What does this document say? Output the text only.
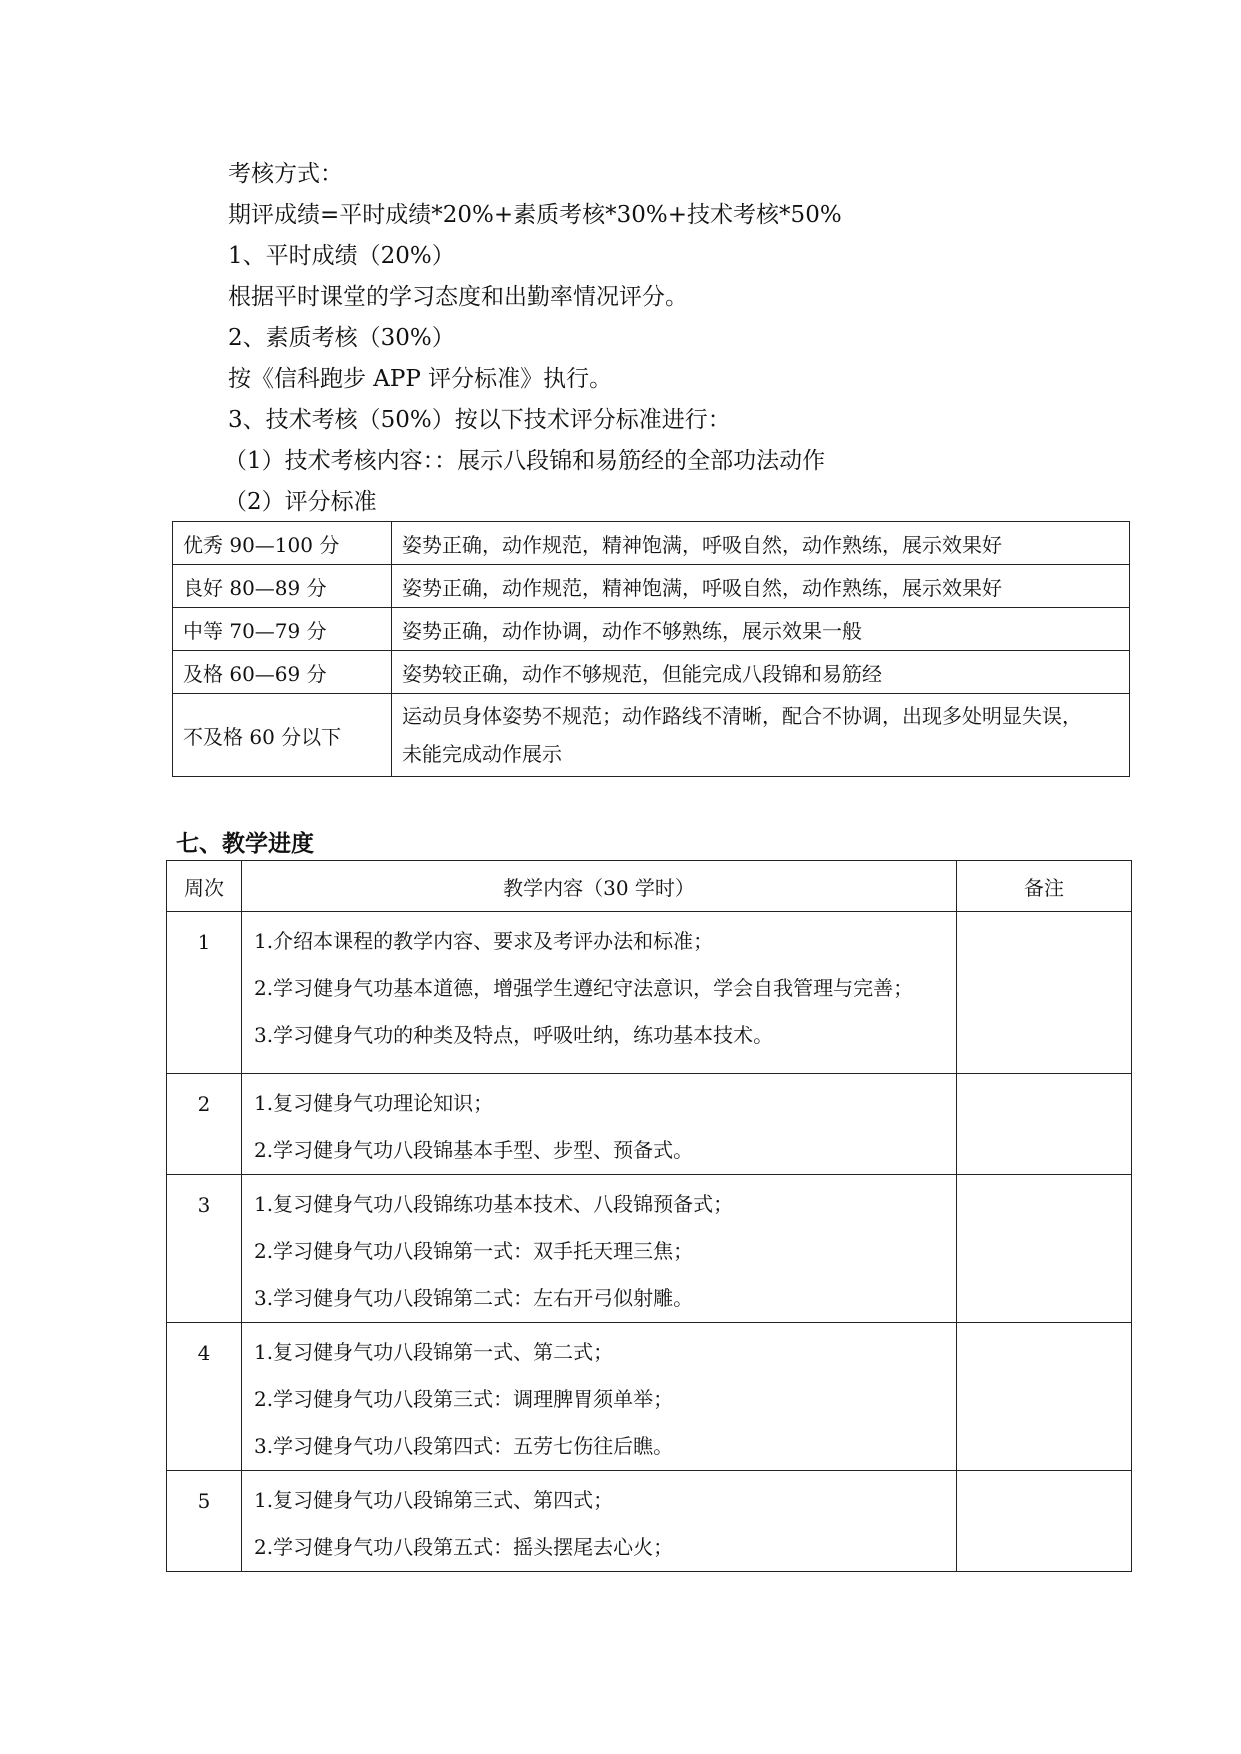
考核方式：
期评成绩=平时成绩*20%+素质考核*30%+技术考核*50%
1、平时成绩（20%）
根据平时课堂的学习态度和出勤率情况评分。
2、素质考核（30%）
按《信科跑步 APP 评分标准》执行。
3、技术考核（50%）按以下技术评分标准进行：
（1）技术考核内容：：展示八段锦和易筋经的全部功法动作
（2）评分标准
优秀 90—100 分	姿势正确，动作规范，精神饱满，呼吸自然，动作熟练，展示效果好
良好 80—89 分	姿势正确，动作规范，精神饱满，呼吸自然，动作熟练，展示效果好
中等 70—79 分	姿势正确，动作协调，动作不够熟练，展示效果一般
及格 60—69 分	姿势较正确，动作不够规范，但能完成八段锦和易筋经
不及格 60 分以下	运动员身体姿势不规范；动作路线不清晰，配合不协调，出现多处明显失误，
未能完成动作展示
七、教学进度
周次	教学内容（30 学时）	备注
1	1.介绍本课程的教学内容、要求及考评办法和标准；
2.学习健身气功基本道德，增强学生遵纪守法意识，学会自我管理与完善；
3.学习健身气功的种类及特点，呼吸吐纳，练功基本技术。	

2	1.复习健身气功理论知识；
2.学习健身气功八段锦基本手型、步型、预备式。	

3	1.复习健身气功八段锦练功基本技术、八段锦预备式；
2.学习健身气功八段锦第一式：双手托天理三焦；
3.学习健身气功八段锦第二式：左右开弓似射雕。	

4	1.复习健身气功八段锦第一式、第二式；
2.学习健身气功八段第三式：调理脾胃须单举；
3.学习健身气功八段第四式：五劳七伤往后瞧。	

5	1.复习健身气功八段锦第三式、第四式；
2.学习健身气功八段第五式：摇头摆尾去心火；	
